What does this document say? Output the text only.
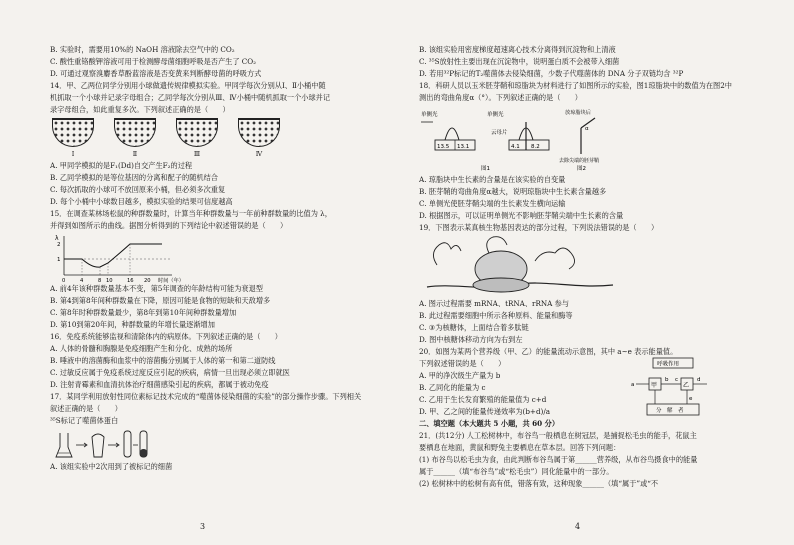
B. 实验时，需要用10%的 NaOH 溶液除去空气中的 CO₂
C. 酸性重铬酸钾溶液可用于检测酵母菌细胞呼吸是否产生了 CO₂
D. 可通过观察溴麝香草酚蓝溶液是否变黄来判断酵母菌的呼吸方式
14．甲、乙两位同学分别用小球做遗传规律模拟实验。甲同学每次分别从Ⅰ、Ⅱ小桶中随
机抓取一个小球并记录字母组合；乙同学每次分别从Ⅲ、Ⅳ小桶中随机抓取一个小球并记
录字母组合，如此重复多次。下列叙述正确的是（　　）
Ⅰ	Ⅱ	Ⅲ	Ⅳ
A. 甲同学模拟的是F₁(Dd)自交产生F₂的过程
B. 乙同学模拟的是等位基因的分离和配子的随机结合
C. 每次抓取的小球可不放回原来小桶，但必须多次重复
D. 每个小桶中小球数目越多，模拟实验的结果可信度越高
15．在调查某林场松鼠的种群数量时，计算当年种群数量与一年前种群数量的比值为 λ，
并得到如图所示的曲线。据图分析得到的下列结论中叙述错误的是（　　）
λ
2
1
0	4	8 10	16 20 时间（年）
A. 前4年该种群数量基本不变，第5年调查的年龄结构可能为衰退型
B. 第4到第8年间种群数量在下降，原因可能是食物的短缺和天敌增多
C. 第8年时种群数量最少，第8年到第10年间种群数量增加
D. 第10到第20年间，种群数量的年增长量逐渐增加
16．免疫系统能够监视和清除体内的病原体。下列叙述正确的是（　　）
A. 人体的骨髓和胸腺是免疫细胞产生和分化、成熟的场所
B. 唾液中的溶菌酶和血浆中的溶菌酶分别属于人体的第一和第二道防线
C. 过敏反应属于免疫系统过度反应引起的疾病，病情一旦出现必须立即就医
D. 注射青霉素和血清抗体治疗细菌感染引起的疾病，都属于被动免疫
17．某同学利用放射性同位素标记技术完成的“噬菌体侵染细菌的实验”的部分操作步骤。下列相关
叙述正确的是（　　）
³⁵S标记了噬菌体蛋白
A. 该组实验中2次用到了被标记的细菌
3
B. 该组实验用密度梯度超速离心技术分离得到沉淀物和上清液
C. ³⁵S放射性主要出现在沉淀物中，说明蛋白质不会被带入细菌
D. 若用³²P标记的T₂噬菌体去侵染细菌，少数子代噬菌体的 DNA 分子双链均含 ³²P
18．科研人员以玉米胚芽鞘和琼脂块为材料进行了如图所示的实验，图1琼脂块中的数值为在图2中
测出的弯曲角度α（°）。下列叙述正确的是（　　）
单侧光
13.5 13.1
单侧光
云母片
4.1 8.2
放琼脂块后
α
去除尖端的胚芽鞘
图1	图2
A. 琼脂块中生长素的含量是在该实验的自变量
B. 胚芽鞘的弯曲角度α越大，说明琼脂块中生长素含量越多
C. 单侧光使胚芽鞘尖端的生长素发生横向运输
D. 根据图示，可以证明单侧光不影响胚芽鞘尖端中生长素的含量
19．下图表示某真核生物基因表达的部分过程，下列说法错误的是（　　）
A. 图示过程需要 mRNA、tRNA、rRNA 参与
B. 此过程需要细胞中所示各种原料、能量和酶等
C. ③为核糖体，上面结合着多肽链
D. 图中核糖体移动方向为右到左
20．如图为某两个营养级（甲、乙）的能量流动示意图，其中 a~e 表示能量值。
下列叙述错误的是（　　）
A. 甲的净次级生产量为 b
B. 乙同化的能量为 c
C. 乙用于生长发育繁殖的能量值为 c+d
D. 甲、乙之间的能量传递效率为(b+d)/a
呼吸作用
a	甲
b c
乙
d
e
分　解　者
二、填空题（本大题共 5 小题，共 60 分）
21．(共12分) 人工松树林中，布谷鸟一般栖息在树冠层，是捕捉松毛虫的能手，花鼠主
要栖息在地面，黄鼠和野兔主要栖息在草本层。回答下列问题：
(1) 布谷鸟以松毛虫为食，由此判断布谷鸟属于第______营养级，从布谷鸟摄食中的能量
属于______（填“布谷鸟”或“松毛虫”）同化能量中的一部分。
(2) 松树林中的松树有高有低，错落有致，这种现象______（填“属于”或“不
4
